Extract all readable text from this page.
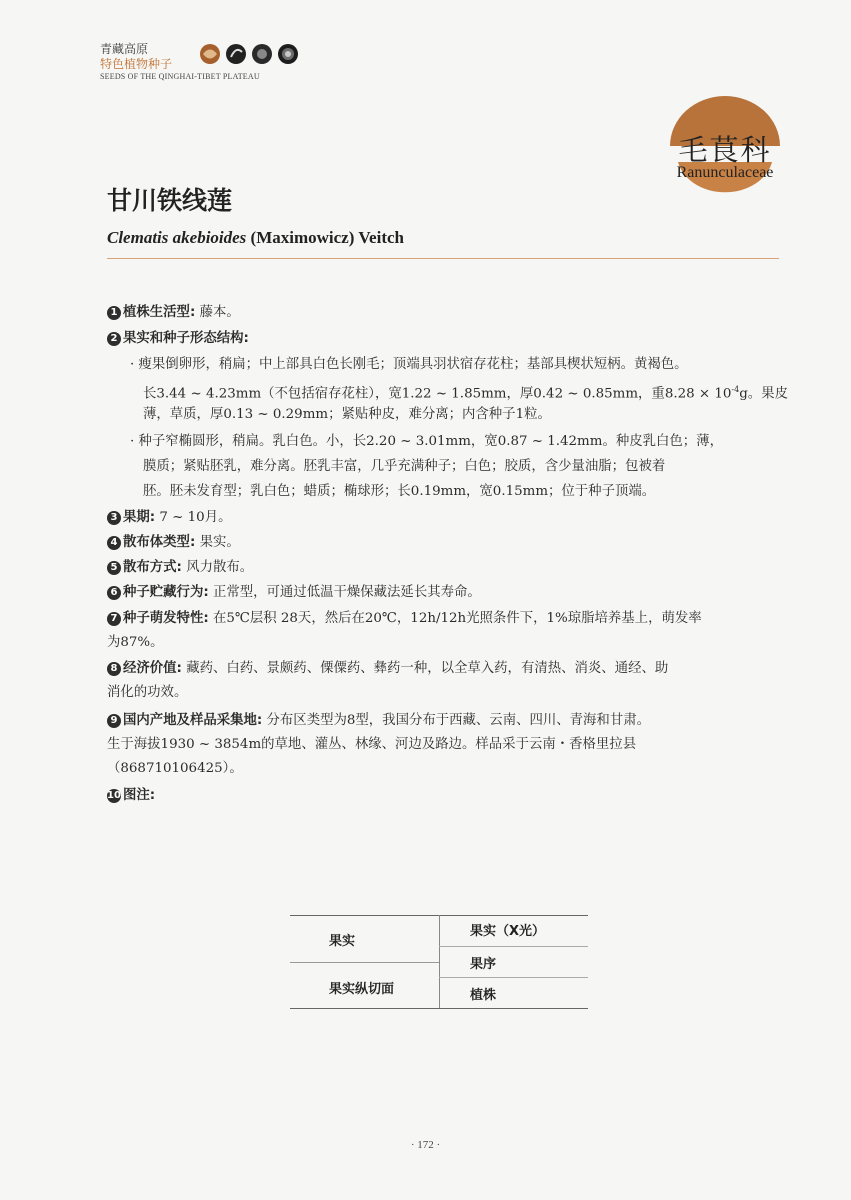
青藏高原
特色植物种子
SEEDS OF THE QINGHAI-TIBET PLATEAU
毛茛科
Ranunculaceae
甘川铁线莲
Clematis akebioides (Maximowicz) Veitch
1 植株生活型: 藤本。
2 果实和种子形态结构:
· 瘦果倒卵形，稍扁；中上部具白色长刚毛；顶端具羽状宿存花柱；基部具楔状短柄。黄褐色。
长3.44 ~ 4.23mm（不包括宿存花柱），宽1.22 ~ 1.85mm，厚0.42 ~ 0.85mm，重$8.28 \times 10^{-4}g$。果皮
薄，草质，厚0.13 ~ 0.29mm；紧贴种皮，难分离；内含种子1粒。
· 种子窄椭圆形，稍扁。乳白色。小，长2.20 ~ 3.01mm，宽0.87 ~ 1.42mm。种皮乳白色；薄，
膜质；紧贴胚乳，难分离。胚乳丰富，几乎充满种子；白色；胶质，含少量油脂；包被着
胚。胚未发育型；乳白色；蜡质；椭球形；长0.19mm，宽0.15mm；位于种子顶端。
3 果期: 7 ~ 10月。
4 散布体类型: 果实。
5 散布方式: 风力散布。
6 种子贮藏行为: 正常型，可通过低温干燥保藏法延长其寿命。
7 种子萌发特性: 在5℃层积 28天，然后在20℃，12h/12h光照条件下，1%琼脂培养基上，萌发率
为87%。
8 经济价值: 藏药、白药、景颇药、傈僳药、彝药一种，以全草入药，有清热、消炎、通经、助
消化的功效。
9 国内产地及样品采集地: 分布区类型为8型，我国分布于西藏、云南、四川、青海和甘肃。
生于海拔1930 ~ 3854m的草地、灌丛、林缘、河边及路边。样品采于云南・香格里拉县
（868710106425）。
10 图注:
果实
果实纵切面
果实（X光）
果序
植株
· 172 ·
